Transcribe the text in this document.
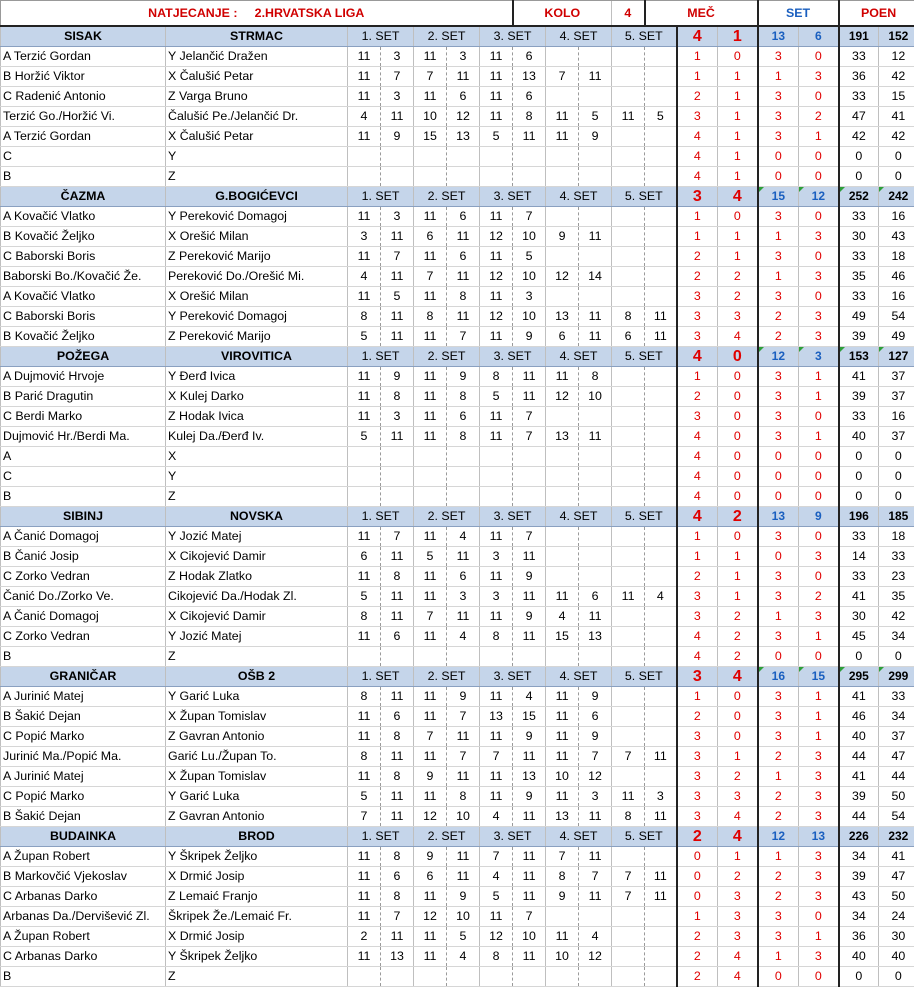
NATJECANJE : 2.HRVATSKA LIGA							KOLO			4	MEČ			SET		POEN	
SISAK	STRMAC	1. SET		2. SET		3. SET		4. SET		5. SET		4	1	13	6	191	152
A Terzić Gordan	Y Jelančić Dražen	11	3	11	3	11	6					1	0	3	0	33	12
B Horžić Viktor	X Čalušić Petar	11	7	7	11	11	13	7	11			1	1	1	3	36	42
C Radenić Antonio	Z Varga Bruno	11	3	11	6	11	6					2	1	3	0	33	15
Terzić Go./Horžić Vi.	Čalušić Pe./Jelančić Dr.	4	11	10	12	11	8	11	5	11	5	3	1	3	2	47	41
A Terzić Gordan	X Čalušić Petar	11	9	15	13	5	11	11	9			4	1	3	1	42	42
C	Y											4	1	0	0	0	0
B	Z											4	1	0	0	0	0
ČAZMA	G.BOGIĆEVCI	1. SET		2. SET		3. SET		4. SET		5. SET		3	4	15	12	252	242
A Kovačić Vlatko	Y Pereković Domagoj	11	3	11	6	11	7					1	0	3	0	33	16
B Kovačić Željko	X Orešić Milan	3	11	6	11	12	10	9	11			1	1	1	3	30	43
C Baborski Boris	Z Pereković Marijo	11	7	11	6	11	5					2	1	3	0	33	18
Baborski Bo./Kovačić Že.	Pereković Do./Orešić Mi.	4	11	7	11	12	10	12	14			2	2	1	3	35	46
A Kovačić Vlatko	X Orešić Milan	11	5	11	8	11	3					3	2	3	0	33	16
C Baborski Boris	Y Pereković Domagoj	8	11	8	11	12	10	13	11	8	11	3	3	2	3	49	54
B Kovačić Željko	Z Pereković Marijo	5	11	11	7	11	9	6	11	6	11	3	4	2	3	39	49
POŽEGA	VIROVITICA	1. SET		2. SET		3. SET		4. SET		5. SET		4	0	12	3	153	127
A Dujmović Hrvoje	Y Đerđ Ivica	11	9	11	9	8	11	11	8			1	0	3	1	41	37
B Parić Dragutin	X Kulej Darko	11	8	11	8	5	11	12	10			2	0	3	1	39	37
C Berdi Marko	Z Hodak Ivica	11	3	11	6	11	7					3	0	3	0	33	16
Dujmović Hr./Berdi Ma.	Kulej Da./Đerđ Iv.	5	11	11	8	11	7	13	11			4	0	3	1	40	37
A	X											4	0	0	0	0	0
C	Y											4	0	0	0	0	0
B	Z											4	0	0	0	0	0
SIBINJ	NOVSKA	1. SET		2. SET		3. SET		4. SET		5. SET		4	2	13	9	196	185
A Čanić Domagoj	Y Jozić Matej	11	7	11	4	11	7					1	0	3	0	33	18
B Čanić Josip	X Cikojević Damir	6	11	5	11	3	11					1	1	0	3	14	33
C Zorko Vedran	Z Hodak Zlatko	11	8	11	6	11	9					2	1	3	0	33	23
Čanić Do./Zorko Ve.	Cikojević Da./Hodak Zl.	5	11	11	3	3	11	11	6	11	4	3	1	3	2	41	35
A Čanić Domagoj	X Cikojević Damir	8	11	7	11	11	9	4	11			3	2	1	3	30	42
C Zorko Vedran	Y Jozić Matej	11	6	11	4	8	11	15	13			4	2	3	1	45	34
B	Z											4	2	0	0	0	0
GRANIČAR	OŠB 2	1. SET		2. SET		3. SET		4. SET		5. SET		3	4	16	15	295	299
A Jurinić Matej	Y Garić Luka	8	11	11	9	11	4	11	9			1	0	3	1	41	33
B Šakić Dejan	X Župan Tomislav	11	6	11	7	13	15	11	6			2	0	3	1	46	34
C Popić Marko	Z Gavran Antonio	11	8	7	11	11	9	11	9			3	0	3	1	40	37
Jurinić Ma./Popić Ma.	Garić Lu./Župan To.	8	11	11	7	7	11	11	7	7	11	3	1	2	3	44	47
A Jurinić Matej	X Župan Tomislav	11	8	9	11	11	13	10	12			3	2	1	3	41	44
C Popić Marko	Y Garić Luka	5	11	11	8	11	9	11	3	11	3	3	3	2	3	39	50
B Šakić Dejan	Z Gavran Antonio	7	11	12	10	4	11	13	11	8	11	3	4	2	3	44	54
BUDAINKA	BROD	1. SET		2. SET		3. SET		4. SET		5. SET		2	4	12	13	226	232
A Župan Robert	Y Škripek Željko	11	8	9	11	7	11	7	11			0	1	1	3	34	41
B Markovčić Vjekoslav	X Drmić Josip	11	6	6	11	4	11	8	7	7	11	0	2	2	3	39	47
C Arbanas Darko	Z Lemaić Franjo	11	8	11	9	5	11	9	11	7	11	0	3	2	3	43	50
Arbanas Da./Dervišević Zl.	Škripek Že./Lemaić Fr.	11	7	12	10	11	7					1	3	3	0	34	24
A Župan Robert	X Drmić Josip	2	11	11	5	12	10	11	4			2	3	3	1	36	30
C Arbanas Darko	Y Škripek Željko	11	13	11	4	8	11	10	12			2	4	1	3	40	40
B	Z											2	4	0	0	0	0
